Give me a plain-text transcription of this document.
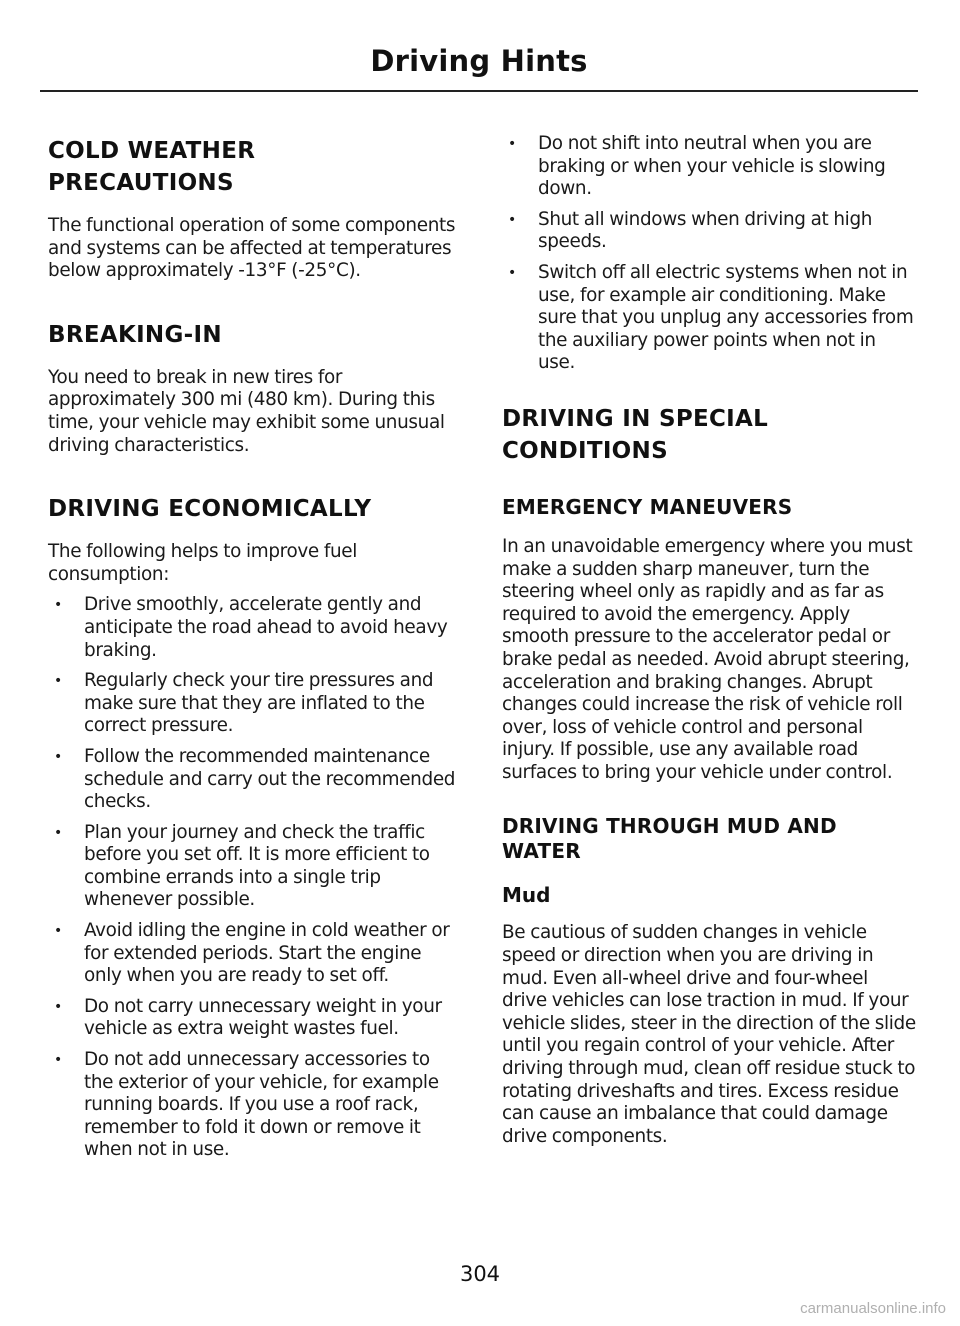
Driving Hints
COLD WEATHER
PRECAUTIONS

The functional operation of some components and systems can be affected at temperatures below approximately -13°F (-25°C).

BREAKING-IN

You need to break in new tires for approximately 300 mi (480 km). During this time, your vehicle may exhibit some unusual driving characteristics.

DRIVING ECONOMICALLY

The following helps to improve fuel consumption:

• Drive smoothly, accelerate gently and anticipate the road ahead to avoid heavy braking.
• Regularly check your tire pressures and make sure that they are inflated to the correct pressure.
• Follow the recommended maintenance schedule and carry out the recommended checks.
• Plan your journey and check the traffic before you set off. It is more efficient to combine errands into a single trip whenever possible.
• Avoid idling the engine in cold weather or for extended periods. Start the engine only when you are ready to set off.
• Do not carry unnecessary weight in your vehicle as extra weight wastes fuel.
• Do not add unnecessary accessories to the exterior of your vehicle, for example running boards. If you use a roof rack, remember to fold it down or remove it when not in use.
• Do not shift into neutral when you are braking or when your vehicle is slowing down.
• Shut all windows when driving at high speeds.
• Switch off all electric systems when not in use, for example air conditioning. Make sure that you unplug any accessories from the auxiliary power points when not in use.
DRIVING IN SPECIAL
CONDITIONS
EMERGENCY MANEUVERS

In an unavoidable emergency where you must make a sudden sharp maneuver, turn the steering wheel only as rapidly and as far as required to avoid the emergency. Apply smooth pressure to the accelerator pedal or brake pedal as needed. Avoid abrupt steering, acceleration and braking changes. Abrupt changes could increase the risk of vehicle roll over, loss of vehicle control and personal injury. If possible, use any available road surfaces to bring your vehicle under control.

DRIVING THROUGH MUD AND
WATER
Mud

Be cautious of sudden changes in vehicle speed or direction when you are driving in mud. Even all-wheel drive and four-wheel drive vehicles can lose traction in mud. If your vehicle slides, steer in the direction of the slide until you regain control of your vehicle. After driving through mud, clean off residue stuck to rotating driveshafts and tires. Excess residue can cause an imbalance that could damage drive components.

304
carmanualsonline.info
